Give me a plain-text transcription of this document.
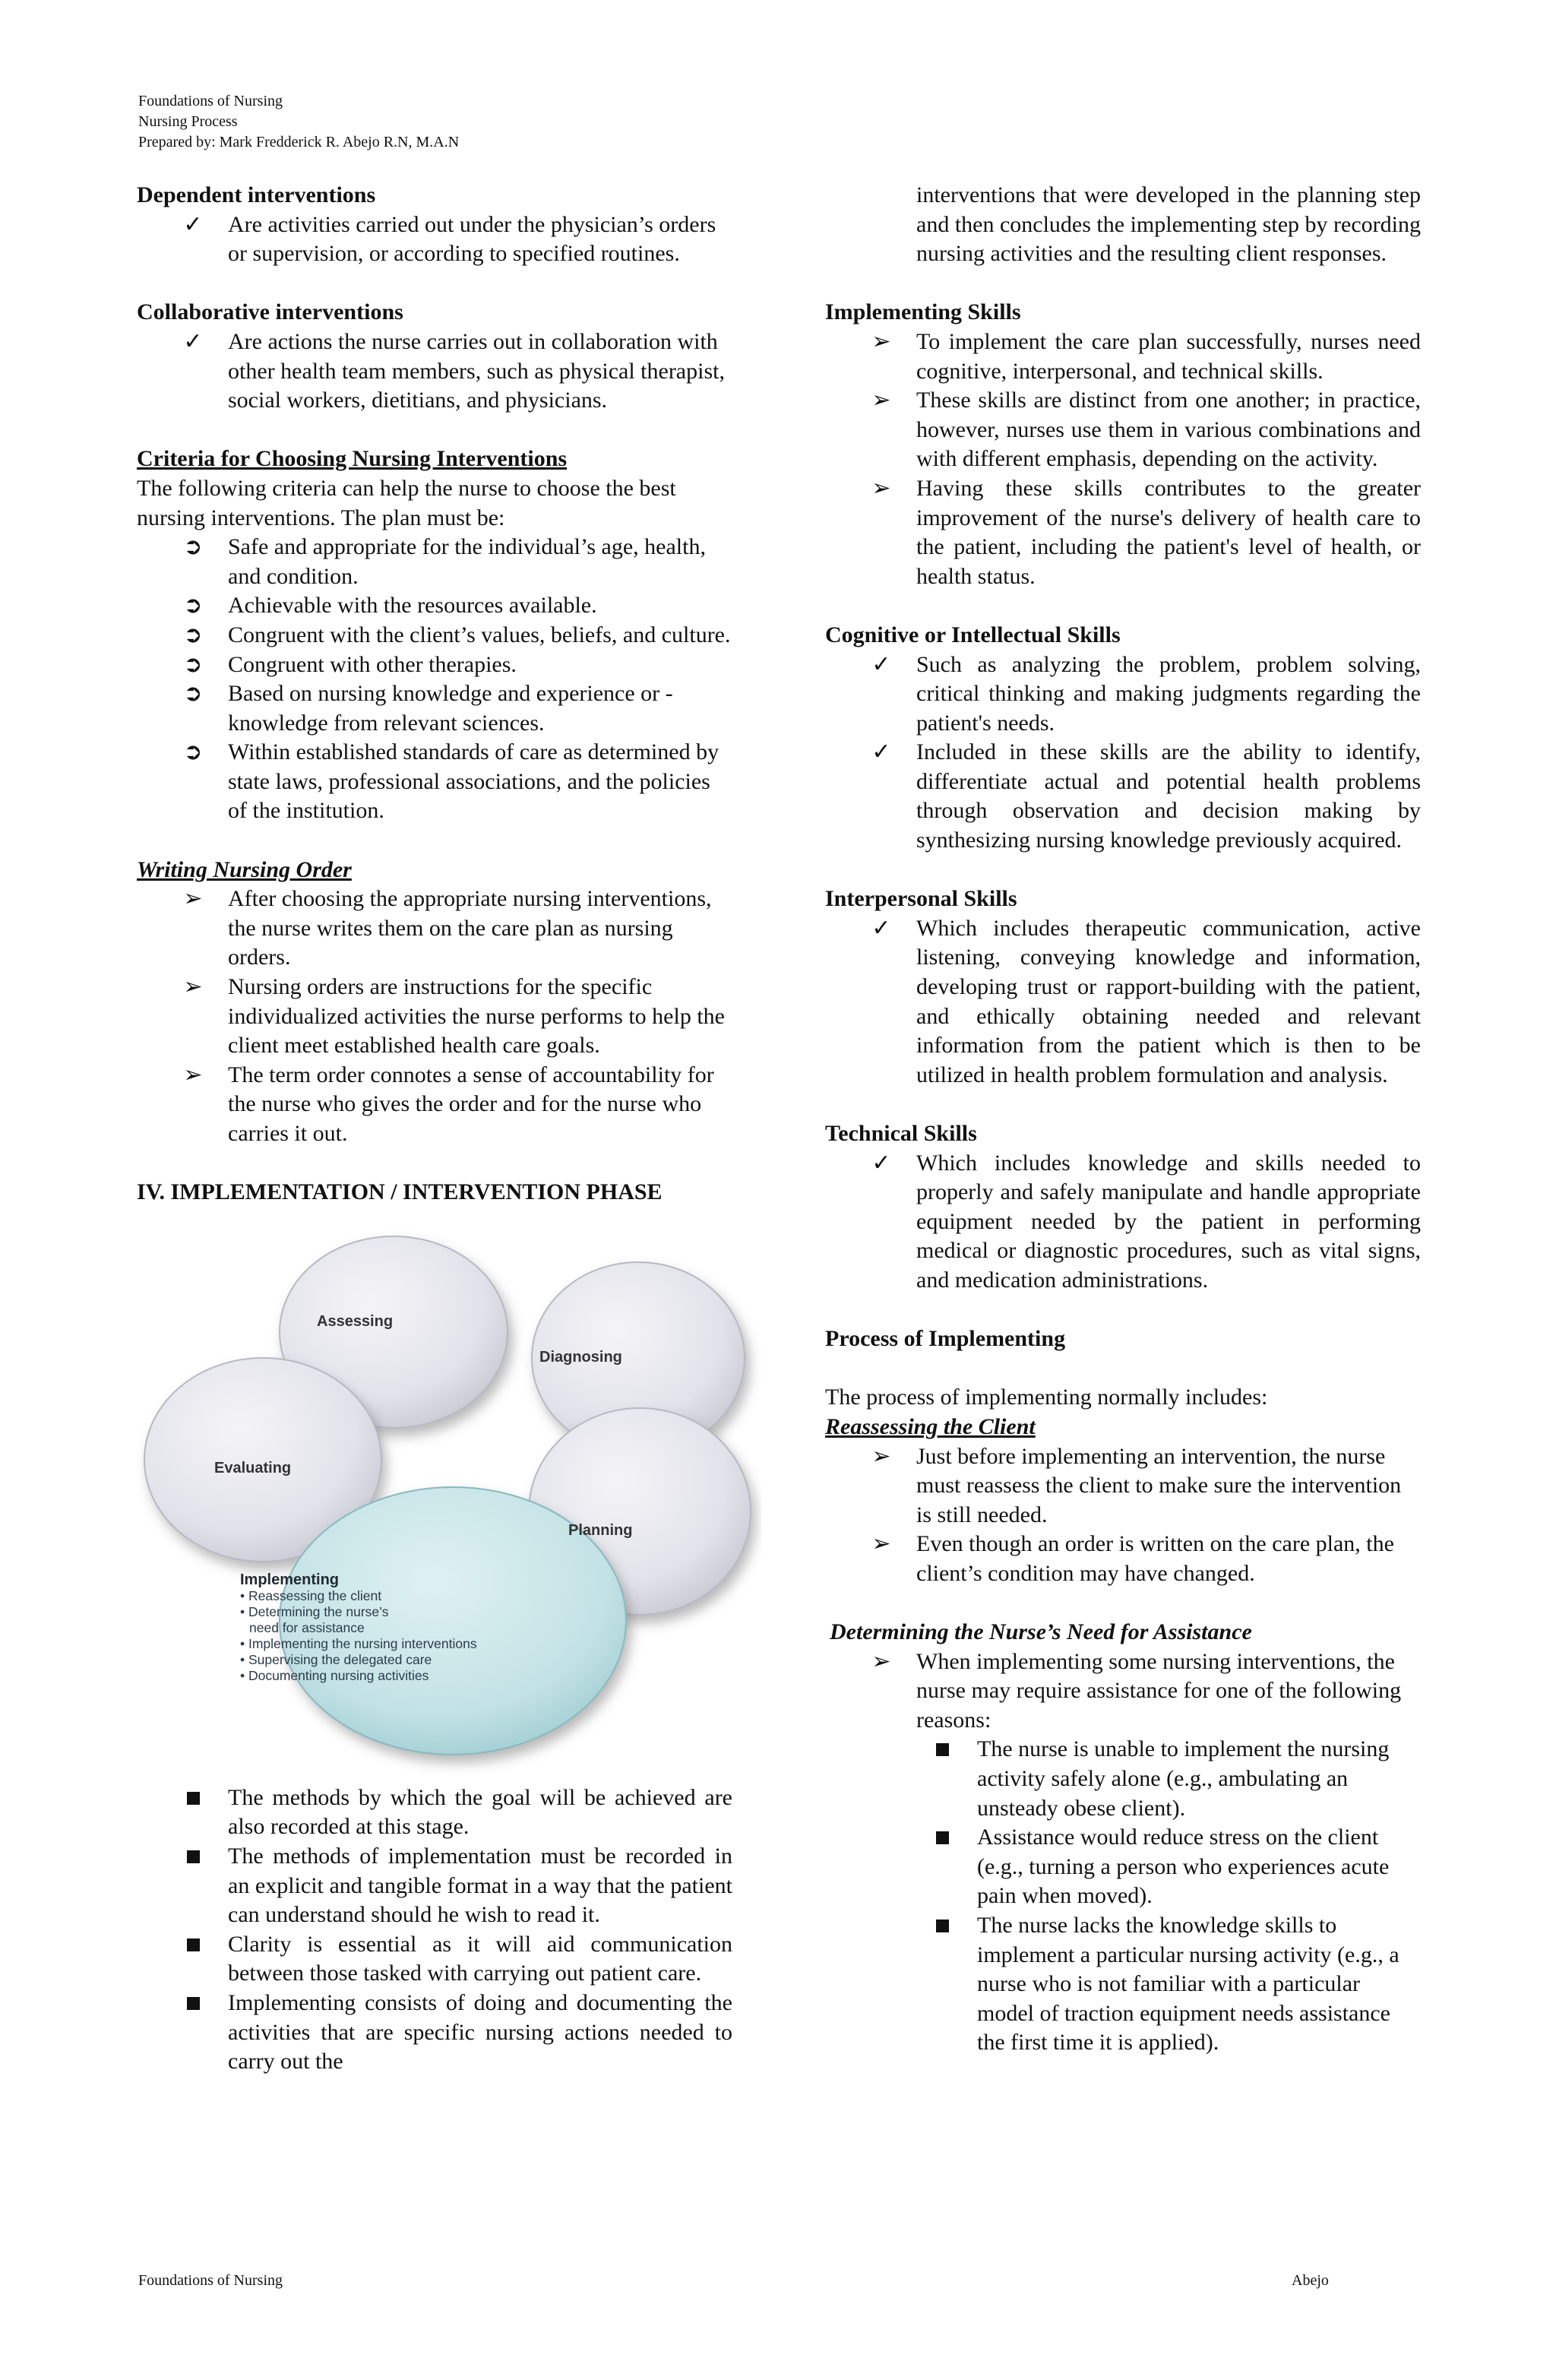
Foundations of Nursing
Nursing Process
Prepared by: Mark Fredderick R. Abejo R.N, M.A.N
Dependent interventions
✓ Are activities carried out under the physician’s orders or supervision, or according to specified routines.
Collaborative interventions
✓ Are actions the nurse carries out in collaboration with other health team members, such as physical therapist, social workers, dietitians, and physicians.
Criteria for Choosing Nursing Interventions

The following criteria can help the nurse to choose the best nursing interventions. The plan must be:

➲ Safe and appropriate for the individual’s age, health, and condition.
➲ Achievable with the resources available.
➲ Congruent with the client’s values, beliefs, and culture.
➲ Congruent with other therapies.
➲ Based on nursing knowledge and experience or - knowledge from relevant sciences.
➲ Within established standards of care as determined by state laws, professional associations, and the policies of the institution.
Writing Nursing Order
➢ After choosing the appropriate nursing interventions, the nurse writes them on the care plan as nursing orders.
➢ Nursing orders are instructions for the specific individualized activities the nurse performs to help the client meet established health care goals.
➢ The term order connotes a sense of accountability for the nurse who gives the order and for the nurse who carries it out.
IV. IMPLEMENTATION / INTERVENTION PHASE
Assessing
Diagnosing
Evaluating
Planning
Implementing
• Reassessing the client
• Determining the nurse’s
need for assistance
• Implementing the nursing interventions
• Supervising the delegated care
• Documenting nursing activities
The methods by which the goal will be achieved are also recorded at this stage.
The methods of implementation must be recorded in an explicit and tangible format in a way that the patient can understand should he wish to read it.
Clarity is essential as it will aid communication between those tasked with carrying out patient care.
Implementing consists of doing and documenting the activities that are specific nursing actions needed to carry out the
interventions that were developed in the planning step and then concludes the implementing step by recording nursing activities and the resulting client responses.
Implementing Skills
➢ To implement the care plan successfully, nurses need cognitive, interpersonal, and technical skills.
➢ These skills are distinct from one another; in practice, however, nurses use them in various combinations and with different emphasis, depending on the activity.
➢ Having these skills contributes to the greater improvement of the nurse's delivery of health care to the patient, including the patient's level of health, or health status.
Cognitive or Intellectual Skills
✓ Such as analyzing the problem, problem solving, critical thinking and making judgments regarding the patient's needs.
✓ Included in these skills are the ability to identify, differentiate actual and potential health problems through observation and decision making by synthesizing nursing knowledge previously acquired.
Interpersonal Skills
✓ Which includes therapeutic communication, active listening, conveying knowledge and information, developing trust or rapport-building with the patient, and ethically obtaining needed and relevant information from the patient which is then to be utilized in health problem formulation and analysis.
Technical Skills
✓ Which includes knowledge and skills needed to properly and safely manipulate and handle appropriate equipment needed by the patient in performing medical or diagnostic procedures, such as vital signs, and medication administrations.
Process of Implementing

The process of implementing normally includes:

Reassessing the Client
➢ Just before implementing an intervention, the nurse must reassess the client to make sure the intervention is still needed.
➢ Even though an order is written on the care plan, the client’s condition may have changed.
Determining the Nurse’s Need for Assistance
➢ When implementing some nursing interventions, the nurse may require assistance for one of the following reasons:
The nurse is unable to implement the nursing activity safely alone (e.g., ambulating an unsteady obese client).
Assistance would reduce stress on the client (e.g., turning a person who experiences acute pain when moved).
The nurse lacks the knowledge skills to implement a particular nursing activity (e.g., a nurse who is not familiar with a particular model of traction equipment needs assistance the first time it is applied).
Foundations of Nursing	Abejo
